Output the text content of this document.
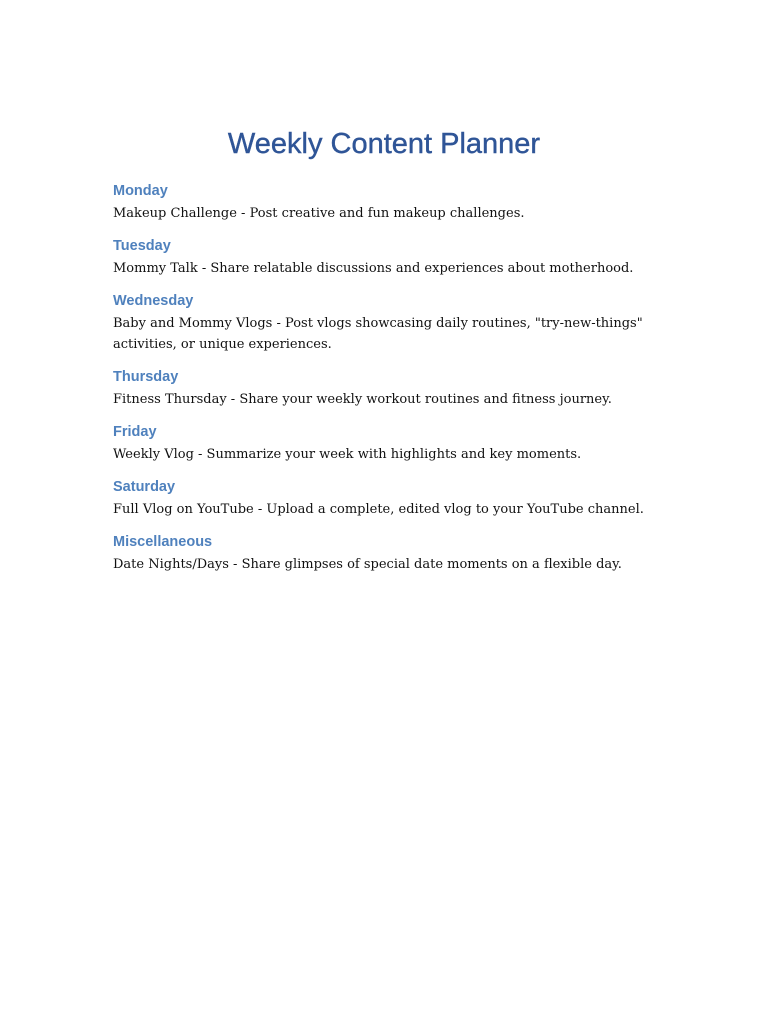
Weekly Content Planner
Monday

Makeup Challenge - Post creative and fun makeup challenges.

Tuesday

Mommy Talk - Share relatable discussions and experiences about motherhood.

Wednesday

Baby and Mommy Vlogs - Post vlogs showcasing daily routines, "try-new-things" activities, or unique experiences.

Thursday

Fitness Thursday - Share your weekly workout routines and fitness journey.

Friday

Weekly Vlog - Summarize your week with highlights and key moments.

Saturday

Full Vlog on YouTube - Upload a complete, edited vlog to your YouTube channel.

Miscellaneous

Date Nights/Days - Share glimpses of special date moments on a flexible day.
